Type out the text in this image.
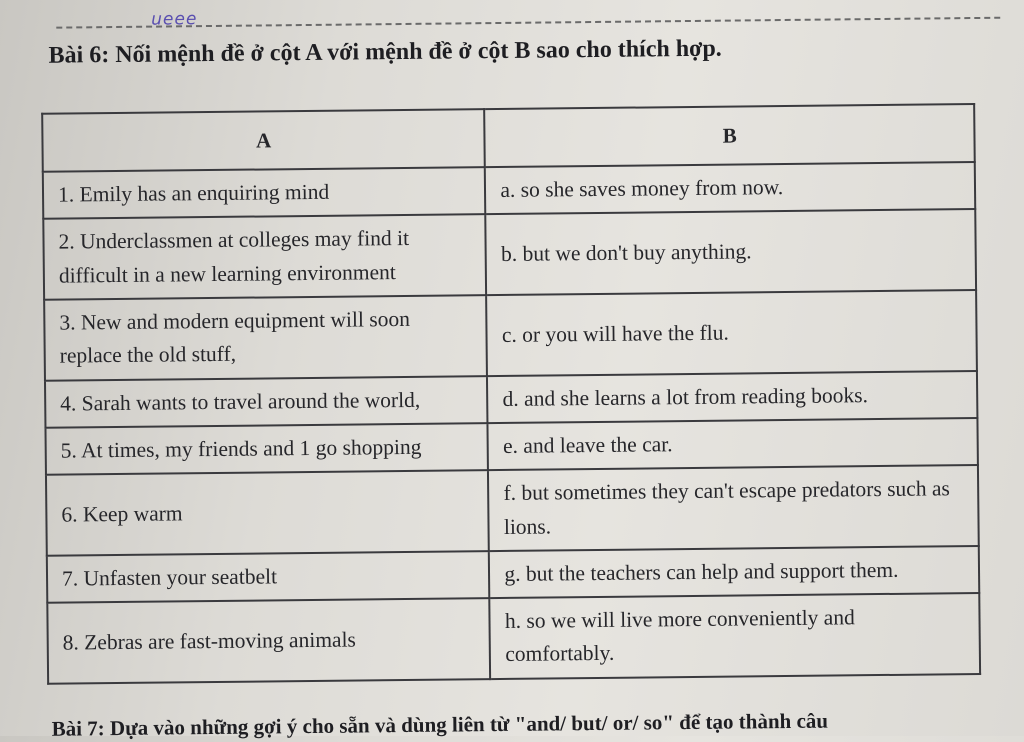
ueee
Bài 6: Nối mệnh đề ở cột A với mệnh đề ở cột B sao cho thích hợp.
A	B
1. Emily has an enquiring mind	a. so she saves money from now.
2. Underclassmen at colleges may find it difficult in a new learning environment	b. but we don't buy anything.
3. New and modern equipment will soon replace the old stuff,	c. or you will have the flu.
4. Sarah wants to travel around the world,	d. and she learns a lot from reading books.
5. At times, my friends and 1 go shopping	e. and leave the car.
6. Keep warm	f. but sometimes they can't escape predators such as lions.
7. Unfasten your seatbelt	g. but the teachers can help and support them.
8. Zebras are fast-moving animals	h. so we will live more conveniently and comfortably.
Bài 7: Dựa vào những gợi ý cho sẵn và dùng liên từ "and/ but/ or/ so" để tạo thành câu
